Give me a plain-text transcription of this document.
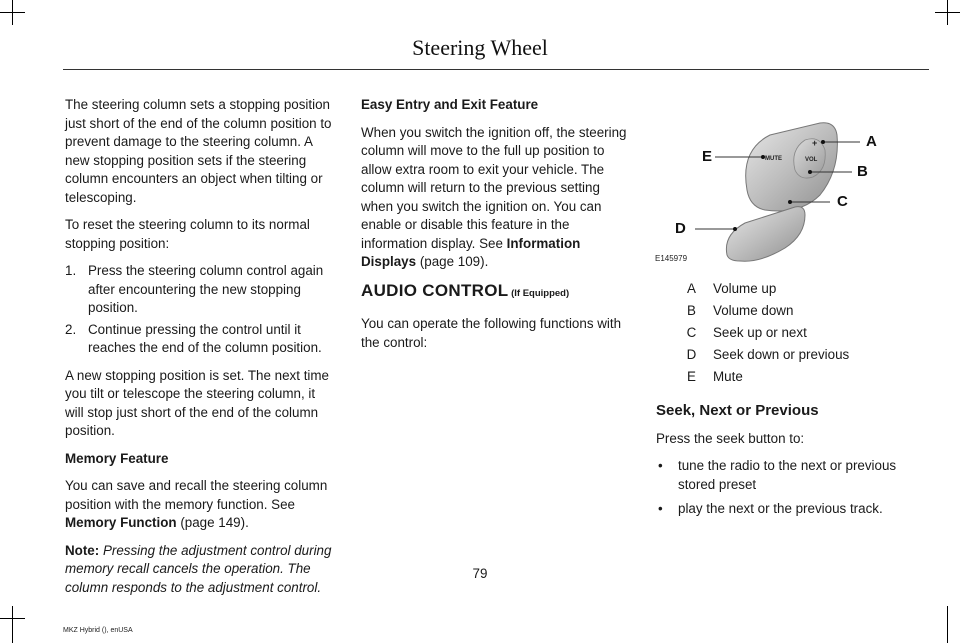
Steering Wheel

The steering column sets a stopping position just short of the end of the column position to prevent damage to the steering column. A new stopping position sets if the steering column encounters an object when tilting or telescoping.

To reset the steering column to its normal stopping position:

1. Press the steering column control again after encountering the new stopping position.
2. Continue pressing the control until it reaches the end of the column position.

A new stopping position is set. The next time you tilt or telescope the steering column, it will stop just short of the end of the column position.

Memory Feature

You can save and recall the steering column position with the memory function. See
Memory Function (page 149).

Note: Pressing the adjustment control during memory recall cancels the operation. The column responds to the adjustment control.

Easy Entry and Exit Feature

When you switch the ignition off, the steering column will move to the full up position to allow extra room to exit your vehicle. The column will return to the previous setting when you switch the ignition on. You can enable or disable this feature in the information display. See Information Displays (page 109).

AUDIO CONTROL (If Equipped)

You can operate the following functions with the control:

MUTE	VOL
+	A
B
C
D
E
E145979
A	Volume up
B	Volume down
C	Seek up or next
D	Seek down or previous
E	Mute
Seek, Next or Previous

Press the seek button to:

• tune the radio to the next or previous stored preset
• play the next or the previous track.
79
MKZ Hybrid (), enUSA
